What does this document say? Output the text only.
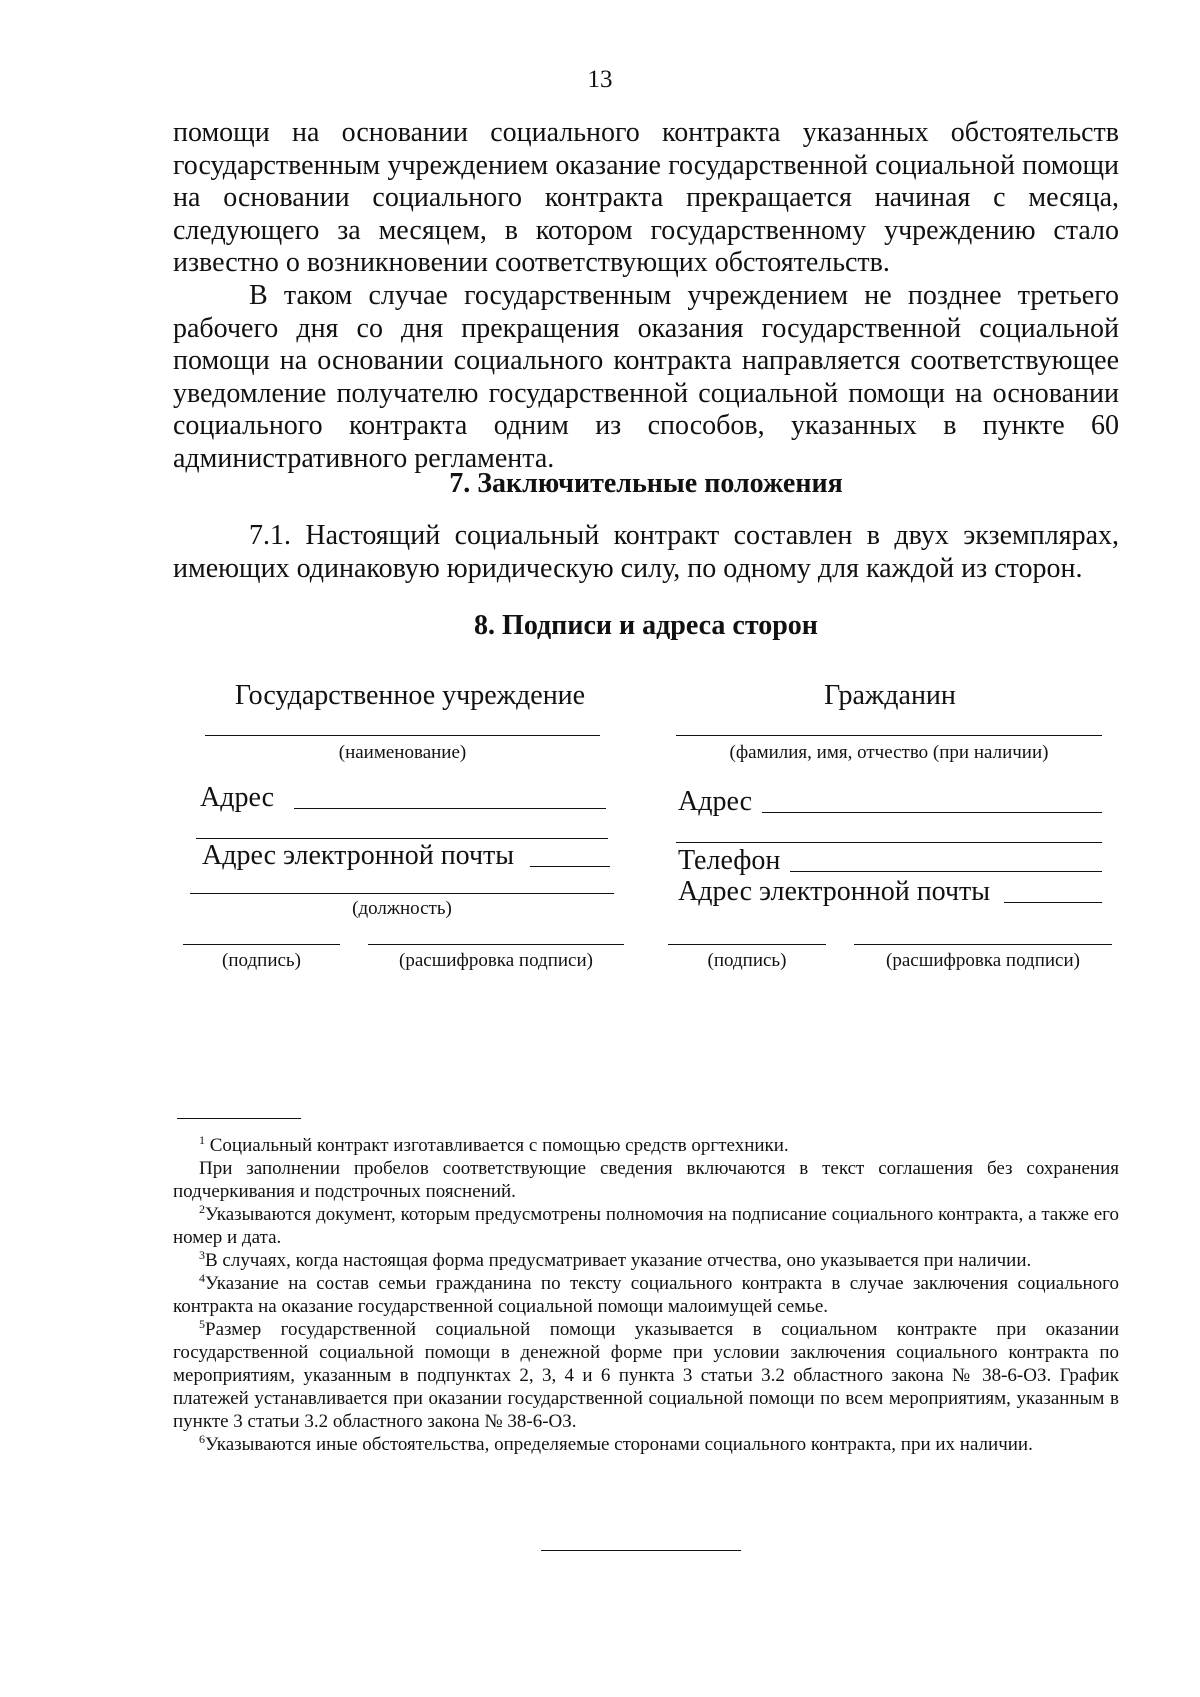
13

помощи на основании социального контракта указанных обстоятельств государственным учреждением оказание государственной социальной помощи на основании социального контракта прекращается начиная с месяца, следующего за месяцем, в котором государственному учреждению стало известно о возникновении соответствующих обстоятельств.

В таком случае государственным учреждением не позднее третьего рабочего дня со дня прекращения оказания государственной социальной помощи на основании социального контракта направляется соответствующее уведомление получателю государственной социальной помощи на основании социального контракта одним из способов, указанных в пункте 60 административного регламента.

7. Заключительные положения

7.1. Настоящий социальный контракт составлен в двух экземплярах, имеющих одинаковую юридическую силу, по одному для каждой из сторон.

8. Подписи и адреса сторон
Государственное учреждение
(наименование)
Адрес
Адрес электронной почты
(должность)
(подпись)	(расшифровка подписи)
Гражданин
(фамилия, имя, отчество (при наличии)
Адрес
Телефон
Адрес электронной почты
(подпись)	(расшифровка подписи)

$^1$ Социальный контракт изготавливается с помощью средств оргтехники.

При заполнении пробелов соответствующие сведения включаются в текст соглашения без сохранения подчеркивания и подстрочных пояснений.

$^2$Указываются документ, которым предусмотрены полномочия на подписание социального контракта, а также его номер и дата.

$^3$В случаях, когда настоящая форма предусматривает указание отчества, оно указывается при наличии.

$^4$Указание на состав семьи гражданина по тексту социального контракта в случае заключения социального контракта на оказание государственной социальной помощи малоимущей семье.

$^5$Размер государственной социальной помощи указывается в социальном контракте при оказании государственной социальной помощи в денежной форме при условии заключения социального контракта по мероприятиям, указанным в подпунктах 2, 3, 4 и 6 пункта 3 статьи 3.2 областного закона № 38-6-ОЗ. График платежей устанавливается при оказании государственной социальной помощи по всем мероприятиям, указанным в пункте 3 статьи 3.2 областного закона № 38-6-ОЗ.

$^6$Указываются иные обстоятельства, определяемые сторонами социального контракта, при их наличии.
